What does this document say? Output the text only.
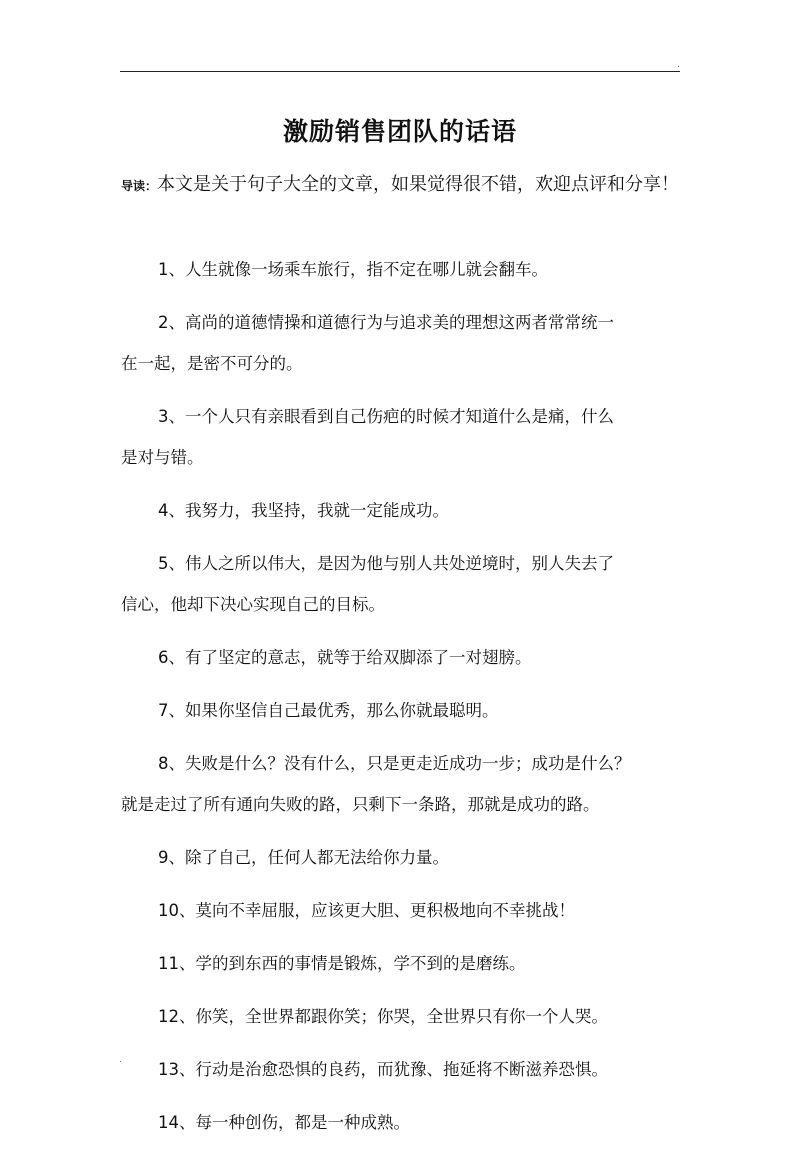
.
激励销售团队的话语

导读：本文是关于句子大全的文章，如果觉得很不错，欢迎点评和分享！

1、人生就像一场乘车旅行，指不定在哪儿就会翻车。

2、高尚的道德情操和道德行为与追求美的理想这两者常常统一
在一起，是密不可分的。

3、一个人只有亲眼看到自己伤疤的时候才知道什么是痛，什么
是对与错。

4、我努力，我坚持，我就一定能成功。

5、伟人之所以伟大，是因为他与别人共处逆境时，别人失去了
信心，他却下决心实现自己的目标。

6、有了坚定的意志，就等于给双脚添了一对翅膀。

7、如果你坚信自己最优秀，那么你就最聪明。

8、失败是什么？没有什么，只是更走近成功一步；成功是什么？
就是走过了所有通向失败的路，只剩下一条路，那就是成功的路。

9、除了自己，任何人都无法给你力量。

10、莫向不幸屈服，应该更大胆、更积极地向不幸挑战！

11、学的到东西的事情是锻炼，学不到的是磨练。

12、你笑，全世界都跟你笑；你哭，全世界只有你一个人哭。

13、行动是治愈恐惧的良药，而犹豫、拖延将不断滋养恐惧。

14、每一种创伤，都是一种成熟。

.
